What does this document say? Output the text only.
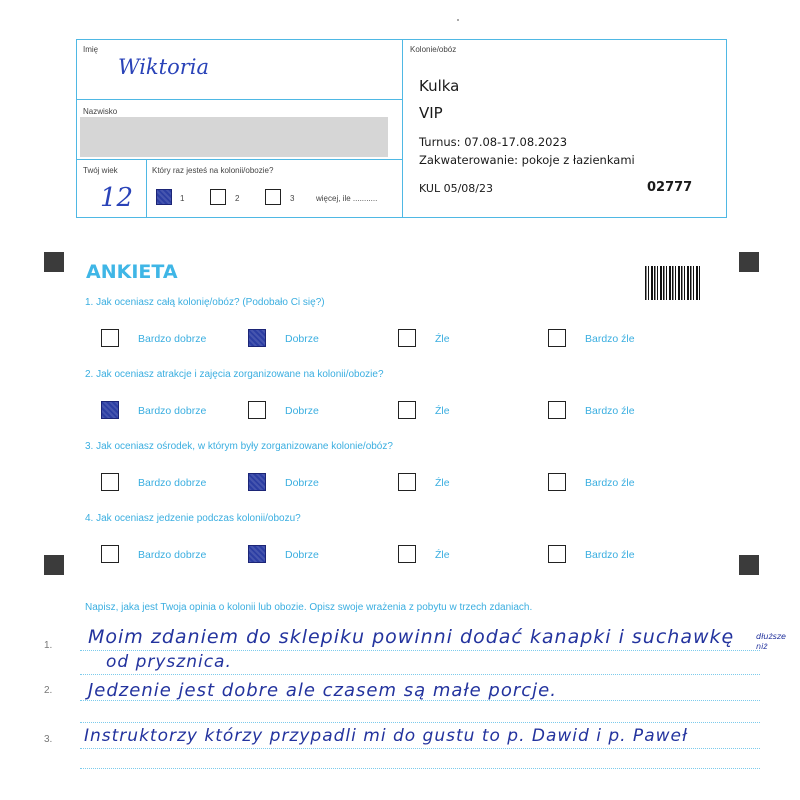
Imię
Wiktoria
Nazwisko
Twój wiek
12
Który raz jesteś na kolonii/obozie?
1	2	3	więcej, ile ...........
Kolonie/obóz
Kulka
VIP
Turnus: 07.08-17.08.2023
Zakwaterowanie: pokoje z łazienkami
KUL 05/08/23	02777
ANKIETA
1. Jak oceniasz całą kolonię/obóz? (Podobało Ci się?)
Bardzo dobrze	Dobrze	Źle	Bardzo źle
2. Jak oceniasz atrakcje i zajęcia zorganizowane na kolonii/obozie?
Bardzo dobrze	Dobrze	Źle	Bardzo źle
3. Jak oceniasz ośrodek, w którym były zorganizowane kolonie/obóz?
Bardzo dobrze	Dobrze	Źle	Bardzo źle
4. Jak oceniasz jedzenie podczas kolonii/obozu?
Bardzo dobrze	Dobrze	Źle	Bardzo źle
Napisz, jaka jest Twoja opinia o kolonii lub obozie. Opisz swoje wrażenia z pobytu w trzech zdaniach.
1. Moim zdaniem do sklepiku powinni dodać kanapki i suchawkę	dłuższe niż
od prysznica.
2. Jedzenie jest dobre ale czasem są małe porcje.
3. Instruktorzy którzy przypadli mi do gustu to p. Dawid i p. Paweł
